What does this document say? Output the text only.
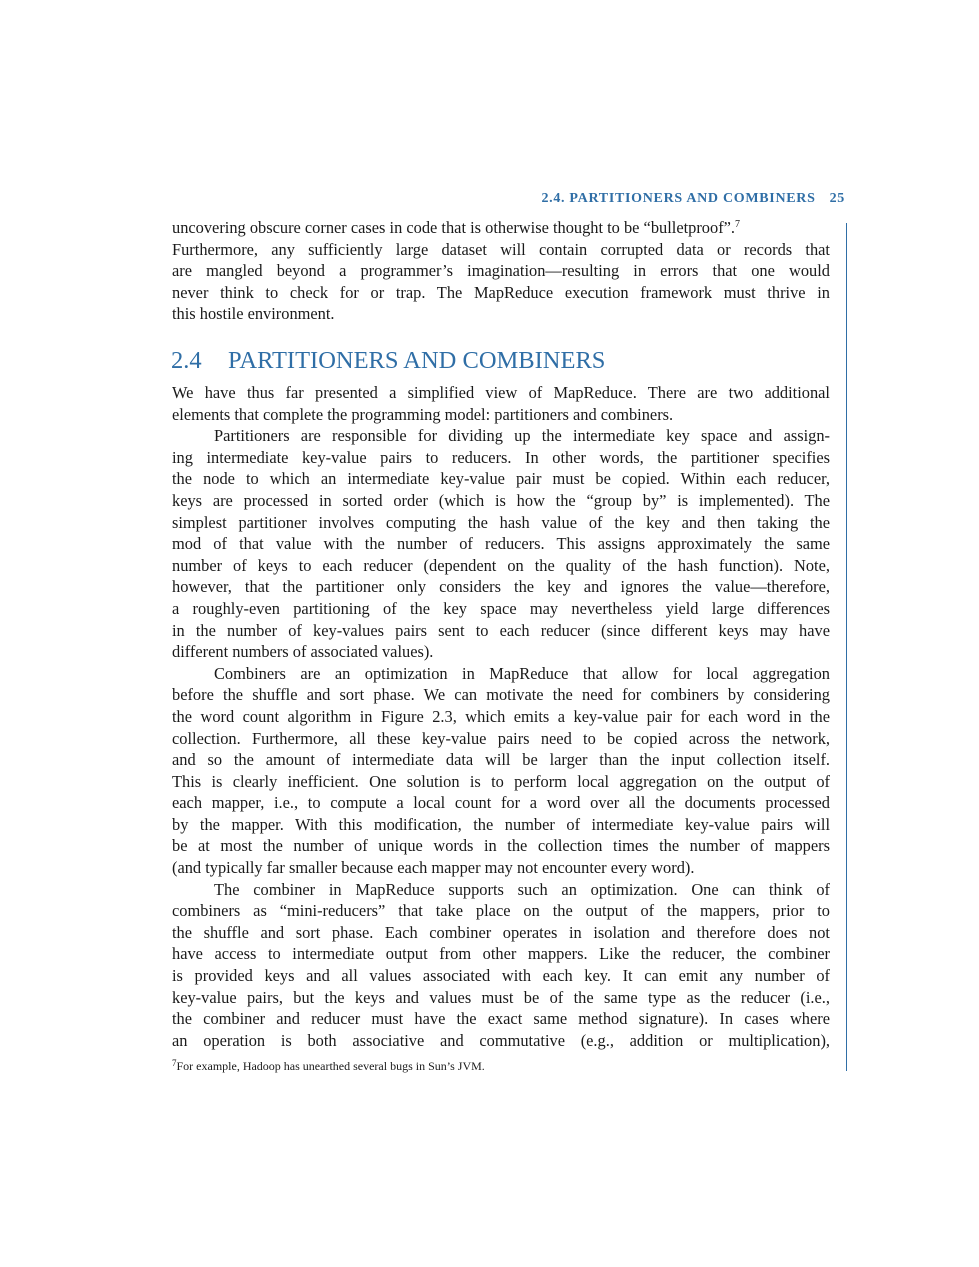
2.4. PARTITIONERS AND COMBINERS 25
uncovering obscure corner cases in code that is otherwise thought to be “bulletproof”.$^7$
Furthermore, any sufficiently large dataset will contain corrupted data or records that
are mangled beyond a programmer’s imagination—resulting in errors that one would
never think to check for or trap. The MapReduce execution framework must thrive in
this hostile environment.
2.4 PARTITIONERS AND COMBINERS
We have thus far presented a simplified view of MapReduce. There are two additional
elements that complete the programming model: partitioners and combiners.
Partitioners are responsible for dividing up the intermediate key space and assign-
ing intermediate key-value pairs to reducers. In other words, the partitioner specifies
the node to which an intermediate key-value pair must be copied. Within each reducer,
keys are processed in sorted order (which is how the “group by” is implemented). The
simplest partitioner involves computing the hash value of the key and then taking the
mod of that value with the number of reducers. This assigns approximately the same
number of keys to each reducer (dependent on the quality of the hash function). Note,
however, that the partitioner only considers the key and ignores the value—therefore,
a roughly-even partitioning of the key space may nevertheless yield large differences
in the number of key-values pairs sent to each reducer (since different keys may have
different numbers of associated values).
Combiners are an optimization in MapReduce that allow for local aggregation
before the shuffle and sort phase. We can motivate the need for combiners by considering
the word count algorithm in Figure 2.3, which emits a key-value pair for each word in the
collection. Furthermore, all these key-value pairs need to be copied across the network,
and so the amount of intermediate data will be larger than the input collection itself.
This is clearly inefficient. One solution is to perform local aggregation on the output of
each mapper, i.e., to compute a local count for a word over all the documents processed
by the mapper. With this modification, the number of intermediate key-value pairs will
be at most the number of unique words in the collection times the number of mappers
(and typically far smaller because each mapper may not encounter every word).
The combiner in MapReduce supports such an optimization. One can think of
combiners as “mini-reducers” that take place on the output of the mappers, prior to
the shuffle and sort phase. Each combiner operates in isolation and therefore does not
have access to intermediate output from other mappers. Like the reducer, the combiner
is provided keys and all values associated with each key. It can emit any number of
key-value pairs, but the keys and values must be of the same type as the reducer (i.e.,
the combiner and reducer must have the exact same method signature). In cases where
an operation is both associative and commutative (e.g., addition or multiplication),
$^7$For example, Hadoop has unearthed several bugs in Sun’s JVM.
